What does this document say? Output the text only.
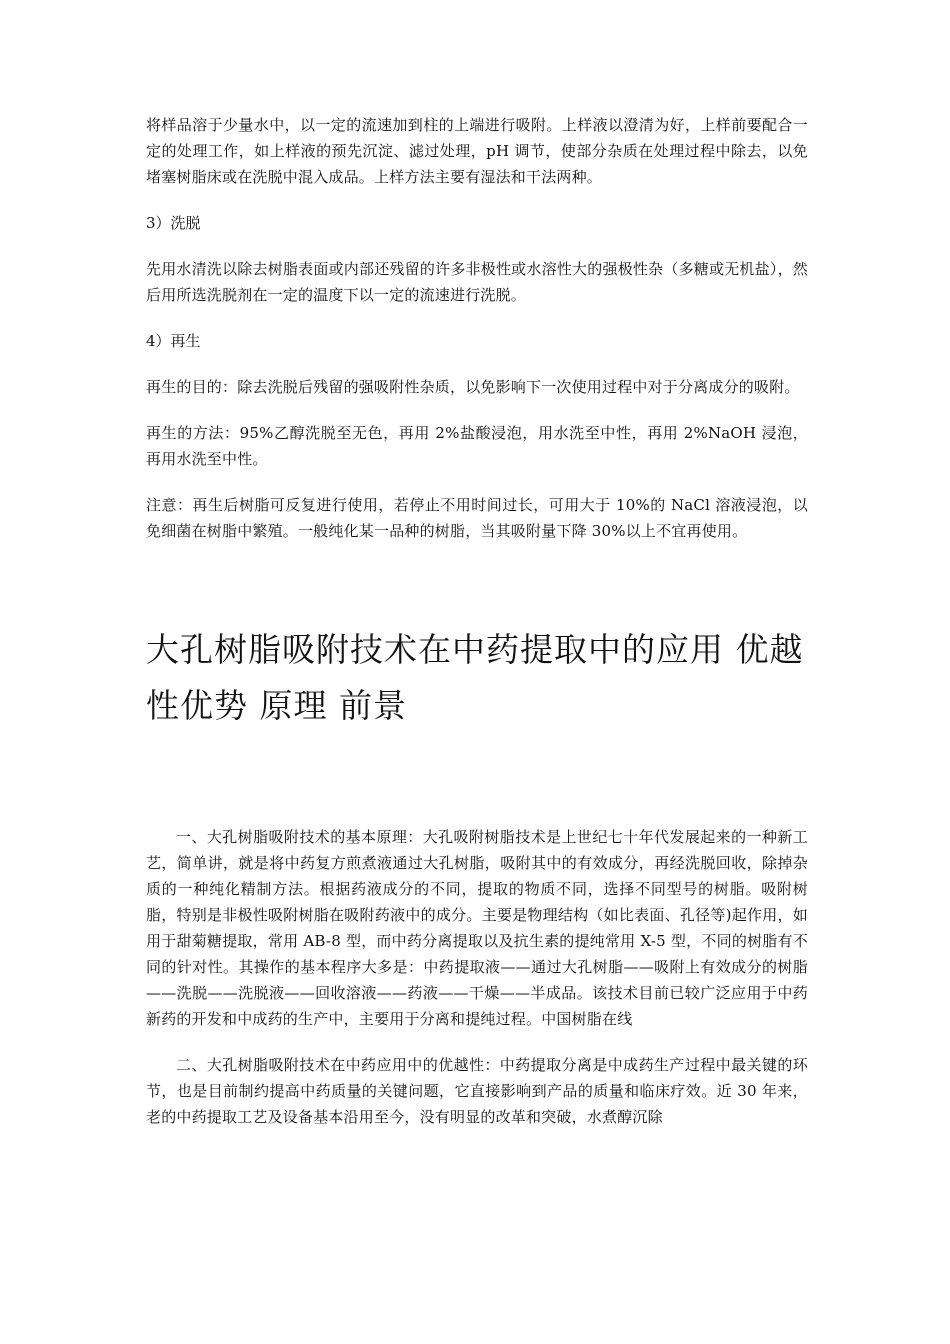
将样品溶于少量水中，以一定的流速加到柱的上端进行吸附。上样液以澄清为好，上样前要配合一定的处理工作，如上样液的预先沉淀、滤过处理，pH 调节，使部分杂质在处理过程中除去，以免堵塞树脂床或在洗脱中混入成品。上样方法主要有湿法和干法两种。

3）洗脱

先用水清洗以除去树脂表面或内部还残留的许多非极性或水溶性大的强极性杂（多糖或无机盐），然后用所选洗脱剂在一定的温度下以一定的流速进行洗脱。

4）再生

再生的目的：除去洗脱后残留的强吸附性杂质，以免影响下一次使用过程中对于分离成分的吸附。

再生的方法：95%乙醇洗脱至无色，再用 2%盐酸浸泡，用水洗至中性，再用 2%NaOH 浸泡，再用水洗至中性。

注意：再生后树脂可反复进行使用，若停止不用时间过长，可用大于 10%的 NaCl 溶液浸泡，以免细菌在树脂中繁殖。一般纯化某一品种的树脂，当其吸附量下降 30%以上不宜再使用。

大孔树脂吸附技术在中药提取中的应用 优越性优势 原理 前景

一、大孔树脂吸附技术的基本原理：大孔吸附树脂技术是上世纪七十年代发展起来的一种新工艺，简单讲，就是将中药复方煎煮液通过大孔树脂，吸附其中的有效成分，再经洗脱回收，除掉杂质的一种纯化精制方法。根据药液成分的不同，提取的物质不同，选择不同型号的树脂。吸附树脂，特别是非极性吸附树脂在吸附药液中的成分。主要是物理结构（如比表面、孔径等)起作用，如用于甜菊糖提取，常用 AB-8 型，而中药分离提取以及抗生素的提纯常用 X-5 型，不同的树脂有不同的针对性。其操作的基本程序大多是：中药提取液——通过大孔树脂——吸附上有效成分的树脂——洗脱——洗脱液——回收溶液——药液——干燥——半成品。该技术目前已较广泛应用于中药新药的开发和中成药的生产中，主要用于分离和提纯过程。中国树脂在线

二、大孔树脂吸附技术在中药应用中的优越性：中药提取分离是中成药生产过程中最关键的环节，也是目前制约提高中药质量的关键问题，它直接影响到产品的质量和临床疗效。近 30 年来，老的中药提取工艺及设备基本沿用至今，没有明显的改革和突破，水煮醇沉除
